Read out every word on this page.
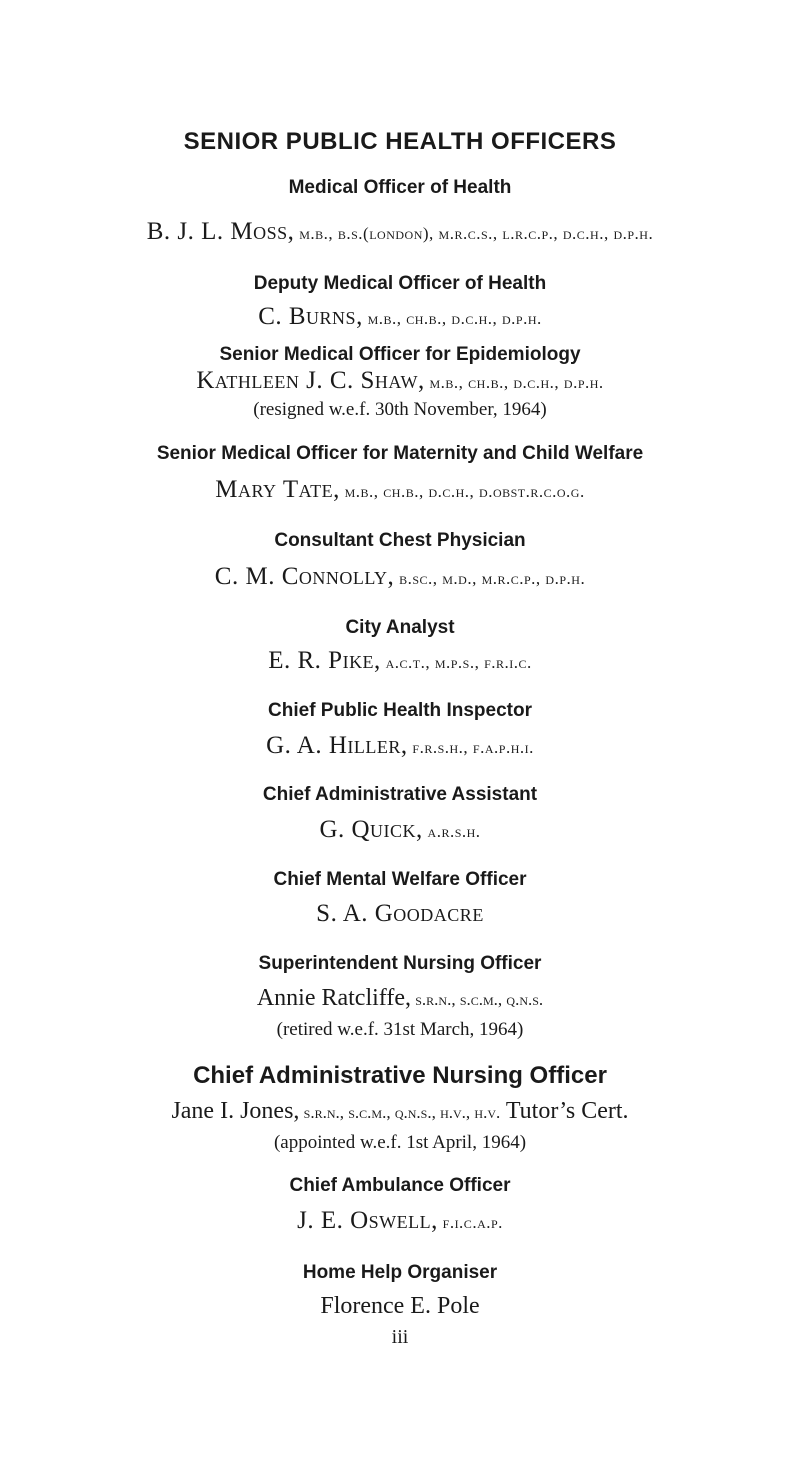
SENIOR PUBLIC HEALTH OFFICERS
Medical Officer of Health
B. J. L. Moss, m.b., b.s.(london), m.r.c.s., l.r.c.p., d.c.h., d.p.h.
Deputy Medical Officer of Health
C. Burns, m.b., ch.b., d.c.h., d.p.h.
Senior Medical Officer for Epidemiology
Kathleen J. C. Shaw, m.b., ch.b., d.c.h., d.p.h.
(resigned w.e.f. 30th November, 1964)
Senior Medical Officer for Maternity and Child Welfare
Mary Tate, m.b., ch.b., d.c.h., d.obst.r.c.o.g.
Consultant Chest Physician
C. M. Connolly, b.sc., m.d., m.r.c.p., d.p.h.
City Analyst
E. R. Pike, a.c.t., m.p.s., f.r.i.c.
Chief Public Health Inspector
G. A. Hiller, f.r.s.h., f.a.p.h.i.
Chief Administrative Assistant
G. Quick, a.r.s.h.
Chief Mental Welfare Officer
S. A. Goodacre
Superintendent Nursing Officer
Annie Ratcliffe, s.r.n., s.c.m., q.n.s.
(retired w.e.f. 31st March, 1964)
Chief Administrative Nursing Officer
Jane I. Jones, s.r.n., s.c.m., q.n.s., h.v., h.v. Tutor’s Cert.
(appointed w.e.f. 1st April, 1964)
Chief Ambulance Officer
J. E. Oswell, f.i.c.a.p.
Home Help Organiser
Florence E. Pole
iii
